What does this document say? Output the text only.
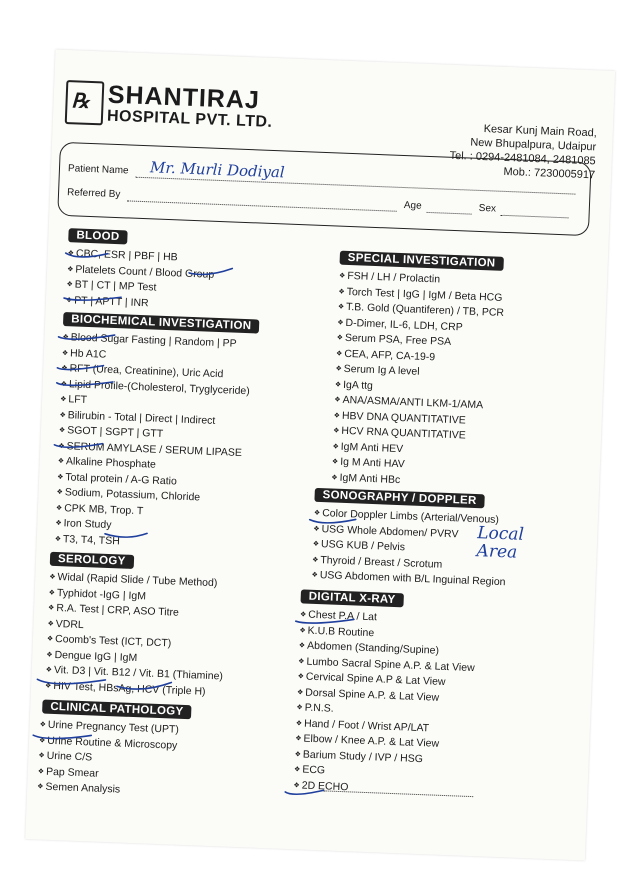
℞ SHANTIRAJ
HOSPITAL PVT. LTD.
Kesar Kunj Main Road,
New Bhupalpura, Udaipur
Tel. : 0294-2481084, 2481085
Mob.: 7230005917
Patient Name Mr. Murli Dodiyal
Referred By
Age	Sex
BLOOD
❖ CBC, ESR | PBF | HB
❖ Platelets Count / Blood Group
❖ BT | CT | MP Test
❖ PT | APTT | INR
BIOCHEMICAL INVESTIGATION
❖ Blood Sugar Fasting | Random | PP
❖ Hb A1C
❖ RFT (Urea, Creatinine), Uric Acid
❖ Lipid Profile-(Cholesterol, Tryglyceride)
❖ LFT
❖ Bilirubin - Total | Direct | Indirect
❖ SGOT | SGPT | GTT
❖ SERUM AMYLASE / SERUM LIPASE
❖ Alkaline Phosphate
❖ Total protein / A-G Ratio
❖ Sodium, Potassium, Chloride
❖ CPK MB, Trop. T
❖ Iron Study
❖ T3, T4, TSH
SEROLOGY
❖ Widal (Rapid Slide / Tube Method)
❖ Typhidot -IgG | IgM
❖ R.A. Test | CRP, ASO Titre
❖ VDRL
❖ Coomb's Test (ICT, DCT)
❖ Dengue IgG | IgM
❖ Vit. D3 | Vit. B12 / Vit. B1 (Thiamine)
❖ HIV Test, HBsAg, HCV (Triple H)
CLINICAL PATHOLOGY
❖ Urine Pregnancy Test (UPT)
❖ Urine Routine & Microscopy
❖ Urine C/S
❖ Pap Smear
❖ Semen Analysis
SPECIAL INVESTIGATION
❖ FSH / LH / Prolactin
❖ Torch Test | IgG | IgM / Beta HCG
❖ T.B. Gold (Quantiferen) / TB, PCR
❖ D-Dimer, IL-6, LDH, CRP
❖ Serum PSA, Free PSA
❖ CEA, AFP, CA-19-9
❖ Serum Ig A level
❖ IgA ttg
❖ ANA/ASMA/ANTI LKM-1/AMA
❖ HBV DNA QUANTITATIVE
❖ HCV RNA QUANTITATIVE
❖ IgM Anti HEV
❖ Ig M Anti HAV
❖ IgM Anti HBc
SONOGRAPHY / DOPPLER
❖ Color Doppler Limbs (Arterial/Venous)
❖ USG Whole Abdomen/ PVRV
❖ USG KUB / Pelvis
❖ Thyroid / Breast / Scrotum
❖ USG Abdomen with B/L Inguinal Region
Local
Area
DIGITAL X-RAY
❖ Chest P.A / Lat
❖ K.U.B Routine
❖ Abdomen (Standing/Supine)
❖ Lumbo Sacral Spine A.P. & Lat View
❖ Cervical Spine A.P & Lat View
❖ Dorsal Spine A.P. & Lat View
❖ P.N.S.
❖ Hand / Foot / Wrist AP/LAT
❖ Elbow / Knee A.P. & Lat View
❖ Barium Study / IVP / HSG
❖ ECG
❖ 2D ECHO
